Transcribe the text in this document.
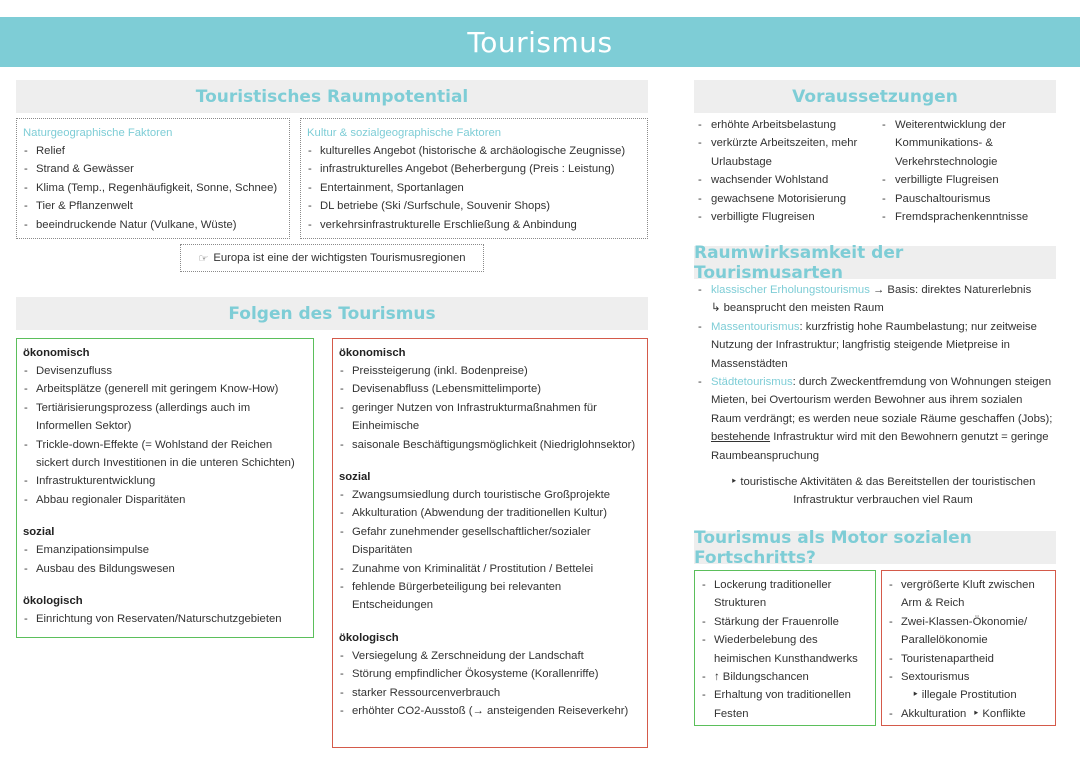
Tourismus
Touristisches Raumpotential
Naturgeographische Faktoren
- Relief
- Strand & Gewässer
- Klima (Temp., Regenhäufigkeit, Sonne, Schnee)
- Tier & Pflanzenwelt
- beeindruckende Natur (Vulkane, Wüste)
Kultur & sozialgeographische Faktoren
- kulturelles Angebot (historische & archäologische Zeugnisse)
- infrastrukturelles Angebot (Beherbergung (Preis : Leistung)
- Entertainment, Sportanlagen
- DL betriebe (Ski /Surfschule, Souvenir Shops)
- verkehrsinfrastrukturelle Erschließung & Anbindung
☞ Europa ist eine der wichtigsten Tourismusregionen
Folgen des Tourismus
ökonomisch
- Devisenzufluss
- Arbeitsplätze (generell mit geringem Know-How)
- Tertiärisierungsprozess (allerdings auch im Informellen Sektor)
- Trickle-down-Effekte (= Wohlstand der Reichen sickert durch Investitionen in die unteren Schichten)
- Infrastrukturentwicklung
- Abbau regionaler Disparitäten
sozial
- Emanzipationsimpulse
- Ausbau des Bildungswesen
ökologisch
- Einrichtung von Reservaten/Naturschutzgebieten
ökonomisch
- Preissteigerung (inkl. Bodenpreise)
- Devisenabfluss (Lebensmittelimporte)
- geringer Nutzen von Infrastrukturmaßnahmen für Einheimische
- saisonale Beschäftigungsmöglichkeit (Niedriglohnsektor)
sozial
- Zwangsumsiedlung durch touristische Großprojekte
- Akkulturation (Abwendung der traditionellen Kultur)
- Gefahr zunehmender gesellschaftlicher/sozialer Disparitäten
- Zunahme von Kriminalität / Prostitution / Bettelei
- fehlende Bürgerbeteiligung bei relevanten Entscheidungen
ökologisch
- Versiegelung & Zerschneidung der Landschaft
- Störung empfindlicher Ökosysteme (Korallenriffe)
- starker Ressourcenverbrauch
- erhöhter CO2-Ausstoß (→ ansteigenden Reiseverkehr)
Voraussetzungen
- erhöhte Arbeitsbelastung
- verkürzte Arbeitszeiten, mehr Urlaubstage
- wachsender Wohlstand
- gewachsene Motorisierung
- verbilligte Flugreisen
- Weiterentwicklung der Kommunikations- & Verkehrstechnologie
- verbilligte Flugreisen
- Pauschaltourismus
- Fremdsprachenkenntnisse
Raumwirksamkeit der Tourismusarten
- klassischer Erholungstourismus → Basis: direktes Naturerlebnis
↳ beansprucht den meisten Raum
- Massentourismus: kurzfristig hohe Raumbelastung; nur zeitweise Nutzung der Infrastruktur; langfristig steigende Mietpreise in Massenstädten
- Städtetourismus: durch Zweckentfremdung von Wohnungen steigen Mieten, bei Overtourism werden Bewohner aus ihrem sozialen Raum verdrängt; es werden neue soziale Räume geschaffen (Jobs); bestehende Infrastruktur wird mit den Bewohnern genutzt = geringe Raumbeanspruchung
‣ touristische Aktivitäten & das Bereitstellen der touristischen Infrastruktur verbrauchen viel Raum
Tourismus als Motor sozialen Fortschritts?
- Lockerung traditioneller Strukturen
- Stärkung der Frauenrolle
- Wiederbelebung des heimischen Kunsthandwerks
- ↑ Bildungschancen
- Erhaltung von traditionellen Festen
- vergrößerte Kluft zwischen Arm & Reich
- Zwei-Klassen-Ökonomie/ Parallelökonomie
- Touristenapartheid
- Sextourismus
‣ illegale Prostitution
- Akkulturation  ‣ Konflikte
